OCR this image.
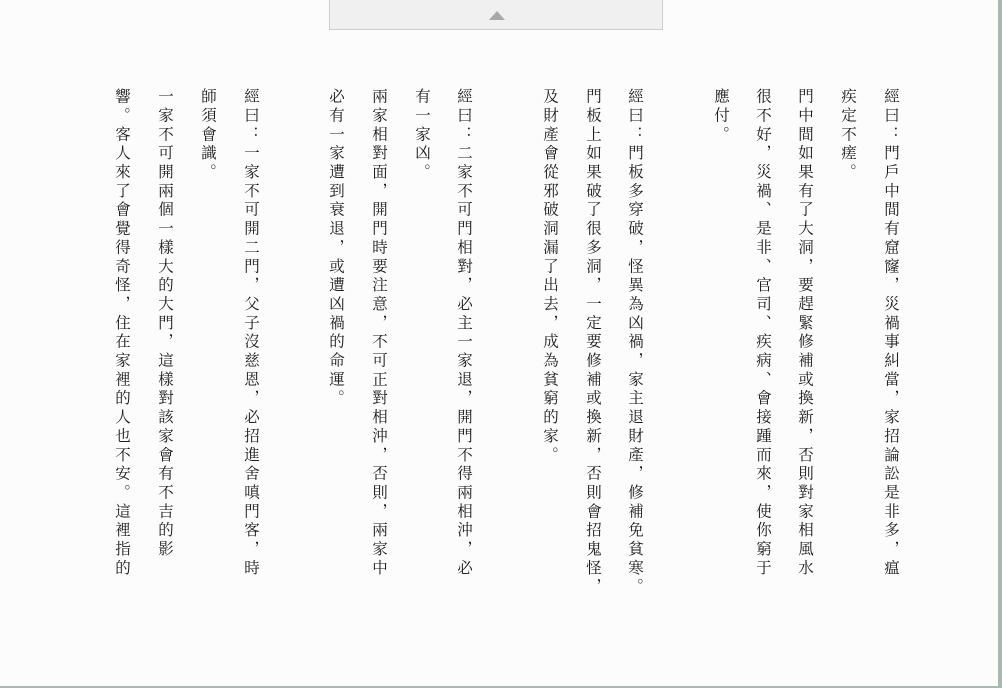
經曰：門戶中間有窟窿，災禍事糾當，家招論訟是非多，瘟
疾定不瘥。
門中間如果有了大洞，要趕緊修補或換新，否則對家相風水
很不好，災禍、是非、官司、疾病、會接踵而來，使你窮于
應付。
經曰：門板多穿破，怪異為凶禍，家主退財產，修補免貧寒。
門板上如果破了很多洞，一定要修補或換新，否則會招鬼怪，
及財產會從邪破洞漏了出去，成為貧窮的家。
經曰：二家不可門相對，必主一家退，開門不得兩相沖，必
有一家凶。
兩家相對面，開門時要注意，不可正對相沖，否則，兩家中
必有一家遭到衰退，或遭凶禍的命運。
經曰：一家不可開二門，父子沒慈恩，必招進舍嗔門客，時
師須會識。
一家不可開兩個一樣大的大門，這樣對該家會有不吉的影
響。客人來了會覺得奇怪，住在家裡的人也不安。這裡指的
